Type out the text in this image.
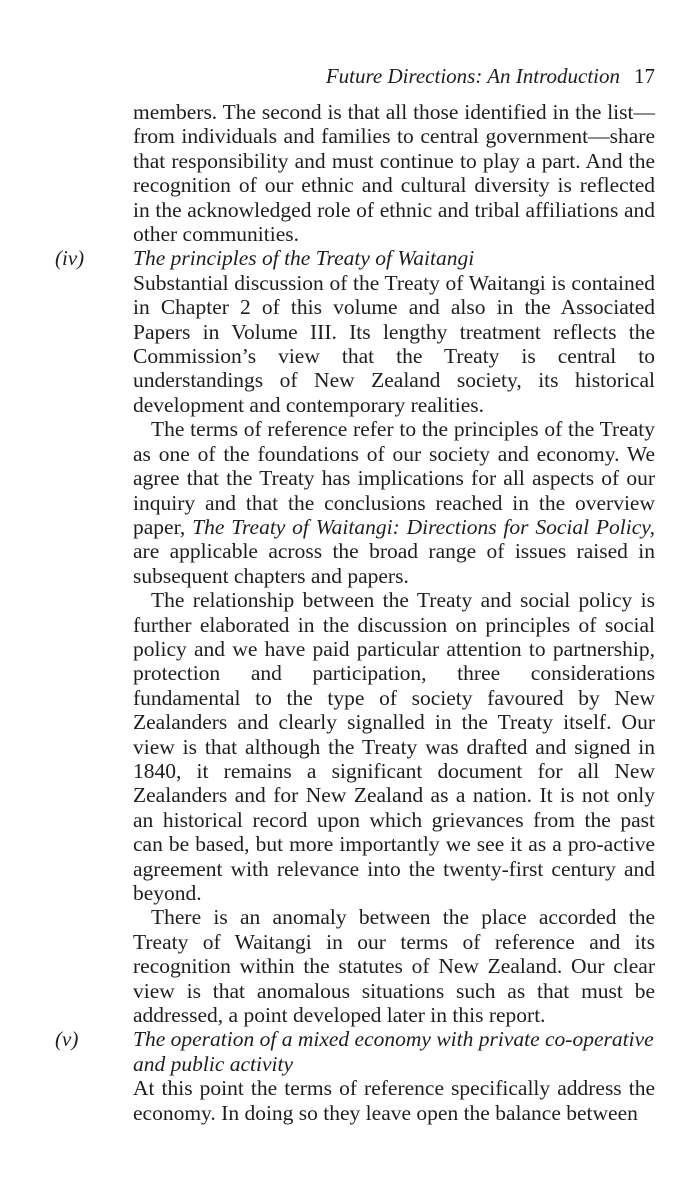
Future Directions: An Introduction 17

members. The second is that all those identified in the list—from individuals and families to central government—share that responsibility and must continue to play a part. And the recognition of our ethnic and cultural diversity is reflected in the acknowledged role of ethnic and tribal affiliations and other communities.

(iv) The principles of the Treaty of Waitangi

Substantial discussion of the Treaty of Waitangi is contained in Chapter 2 of this volume and also in the Associated Papers in Volume III. Its lengthy treatment reflects the Commission’s view that the Treaty is central to understandings of New Zealand society, its historical development and contemporary realities.

The terms of reference refer to the principles of the Treaty as one of the foundations of our society and economy. We agree that the Treaty has implications for all aspects of our inquiry and that the conclusions reached in the overview paper, The Treaty of Waitangi: Directions for Social Policy, are applicable across the broad range of issues raised in subsequent chapters and papers.

The relationship between the Treaty and social policy is further elaborated in the discussion on principles of social policy and we have paid particular attention to partnership, protection and participation, three considerations fundamental to the type of society favoured by New Zealanders and clearly signalled in the Treaty itself. Our view is that although the Treaty was drafted and signed in 1840, it remains a significant document for all New Zealanders and for New Zealand as a nation. It is not only an historical record upon which grievances from the past can be based, but more importantly we see it as a pro-active agreement with relevance into the twenty-first century and beyond.

There is an anomaly between the place accorded the Treaty of Waitangi in our terms of reference and its recognition within the statutes of New Zealand. Our clear view is that anomalous situations such as that must be addressed, a point developed later in this report.

(v)	The operation of a mixed economy with private co-operative and public activity

At this point the terms of reference specifically address the economy. In doing so they leave open the balance between
